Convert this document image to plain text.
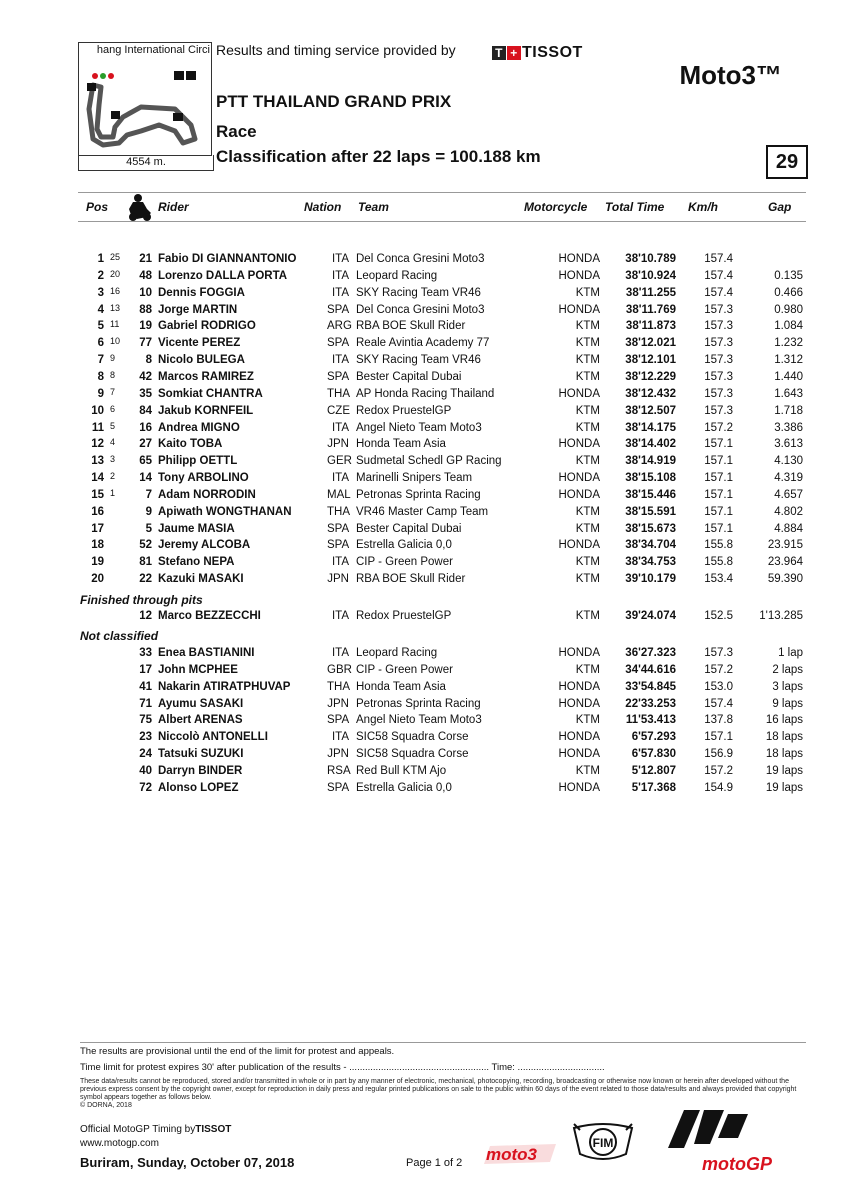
hang International Circi
4554 m.
Results and timing service provided by	T + TISSOT
Moto3™
PTT THAILAND GRAND PRIX
Race
Classification after 22 laps = 100.188 km	29
Pos	Rider	Nation Team	Motorcycle Total Time Km/h	Gap
1 25	21 Fabio DI GIANNANTONIO	ITA Del Conca Gresini Moto3	HONDA	38'10.789	157.4
2 20	48 Lorenzo DALLA PORTA	ITA Leopard Racing	HONDA	38'10.924	157.4	0.135
3 16	10 Dennis FOGGIA	ITA SKY Racing Team VR46	KTM	38'11.255	157.4	0.466
4 13	88 Jorge MARTIN	SPA Del Conca Gresini Moto3	HONDA	38'11.769	157.3	0.980
5 11	19 Gabriel RODRIGO	ARG RBA BOE Skull Rider	KTM	38'11.873	157.3	1.084
6 10	77 Vicente PEREZ	SPA Reale Avintia Academy 77	KTM	38'12.021	157.3	1.232
7 9	8 Nicolo BULEGA	ITA SKY Racing Team VR46	KTM	38'12.101	157.3	1.312
8 8	42 Marcos RAMIREZ	SPA Bester Capital Dubai	KTM	38'12.229	157.3	1.440
9 7	35 Somkiat CHANTRA	THA AP Honda Racing Thailand	HONDA	38'12.432	157.3	1.643
10 6	84 Jakub KORNFEIL	CZE Redox PruestelGP	KTM	38'12.507	157.3	1.718
11 5	16 Andrea MIGNO	ITA Angel Nieto Team Moto3	KTM	38'14.175	157.2	3.386
12 4	27 Kaito TOBA	JPN Honda Team Asia	HONDA	38'14.402	157.1	3.613
13 3	65 Philipp OETTL	GER Sudmetal Schedl GP Racing	KTM	38'14.919	157.1	4.130
14 2	14 Tony ARBOLINO	ITA Marinelli Snipers Team	HONDA	38'15.108	157.1	4.319
15 1	7 Adam NORRODIN	MAL Petronas Sprinta Racing	HONDA	38'15.446	157.1	4.657
16	9 Apiwath WONGTHANAN	THA VR46 Master Camp Team	KTM	38'15.591	157.1	4.802
17	5 Jaume MASIA	SPA Bester Capital Dubai	KTM	38'15.673	157.1	4.884
18	52 Jeremy ALCOBA	SPA Estrella Galicia 0,0	HONDA	38'34.704	155.8	23.915
19	81 Stefano NEPA	ITA CIP - Green Power	KTM	38'34.753	155.8	23.964
20	22 Kazuki MASAKI	JPN RBA BOE Skull Rider	KTM	39'10.179	153.4	59.390
Finished through pits
12 Marco BEZZECCHI	ITA Redox PruestelGP	KTM	39'24.074	152.5	1'13.285
Not classified
33 Enea BASTIANINI	ITA Leopard Racing	HONDA	36'27.323	157.3	1 lap
17 John MCPHEE	GBR CIP - Green Power	KTM	34'44.616	157.2	2 laps
41 Nakarin ATIRATPHUVAP	THA Honda Team Asia	HONDA	33'54.845	153.0	3 laps
71 Ayumu SASAKI	JPN Petronas Sprinta Racing	HONDA	22'33.253	157.4	9 laps
75 Albert ARENAS	SPA Angel Nieto Team Moto3	KTM	11'53.413	137.8	16 laps
23 Niccolò ANTONELLI	ITA SIC58 Squadra Corse	HONDA	6'57.293	157.1	18 laps
24 Tatsuki SUZUKI	JPN SIC58 Squadra Corse	HONDA	6'57.830	156.9	18 laps
40 Darryn BINDER	RSA Red Bull KTM Ajo	KTM	5'12.807	157.2	19 laps
72 Alonso LOPEZ	SPA Estrella Galicia 0,0	HONDA	5'17.368	154.9	19 laps
The results are provisional until the end of the limit for protest and appeals.
Time limit for protest expires 30' after publication of the results - ..................................................... Time: .................................
These data/results cannot be reproduced, stored and/or transmitted in whole or in part by any manner of electronic, mechanical, photocopying, recording, broadcasting or otherwise now known or herein after developed without the previous express consent by the copyright owner, except for reproduction in daily press and regular printed publications on sale to the public within 60 days of the event related to those data/results and always provided that copyright symbol appears together as follows below.
© DORNA, 2018
Official MotoGP Timing byTISSOT
www.motogp.com
Buriram, Sunday, October 07, 2018	Page 1 of 2 moto3
FIM
motoGP
